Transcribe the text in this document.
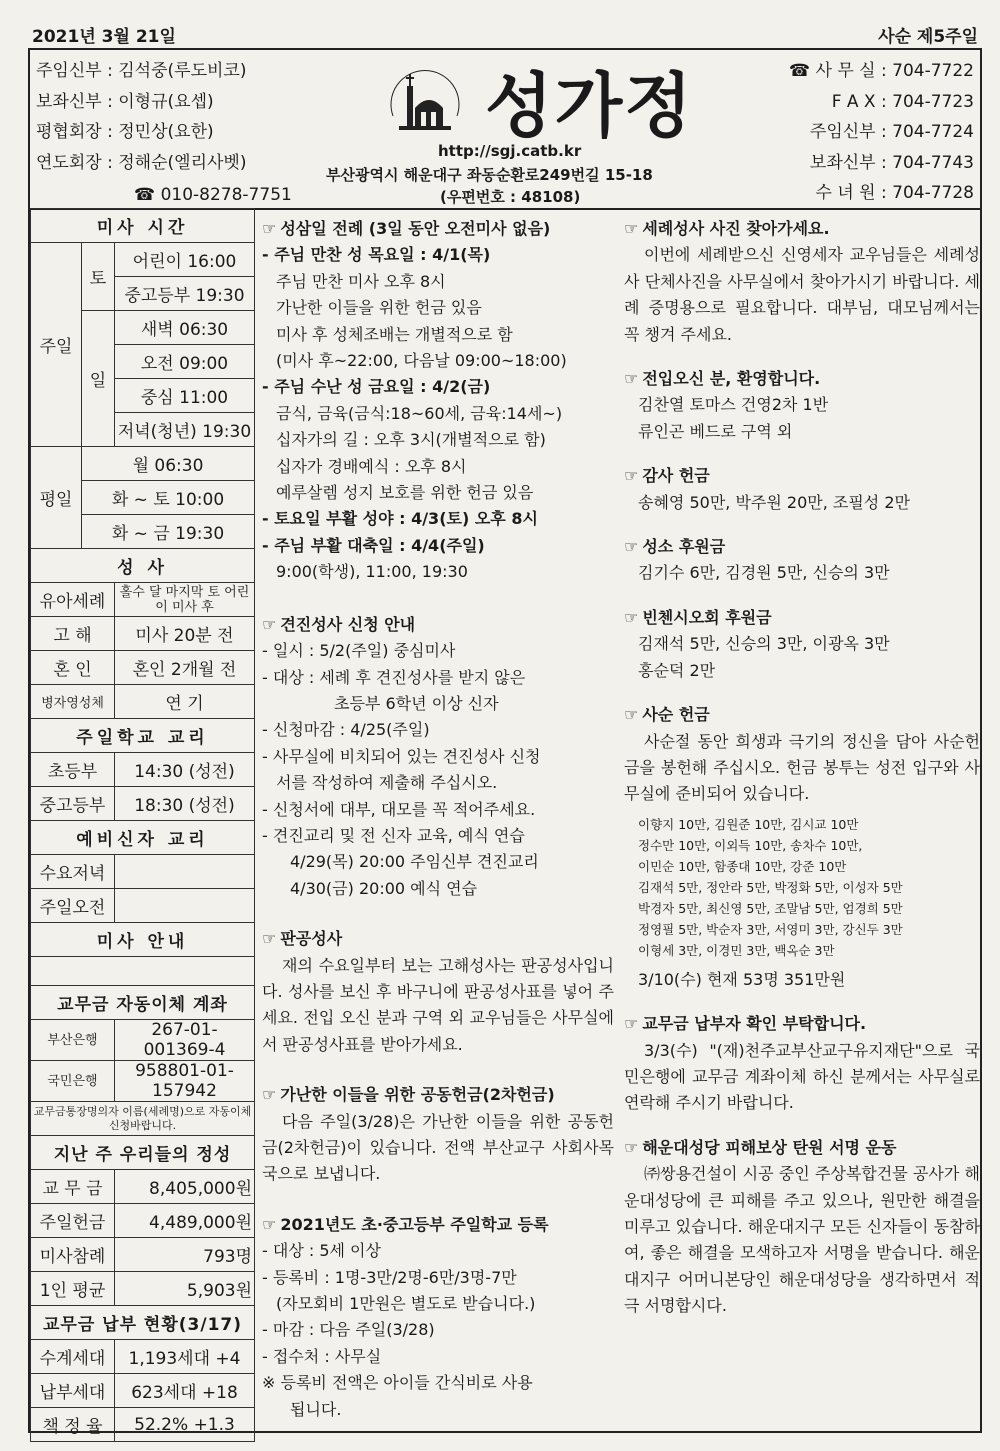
2021년 3월 21일	사순 제5주일
주임신부 : 김석중(루도비코)
보좌신부 : 이형규(요셉)
평협회장 : 정민상(요한)
연도회장 : 정해순(엘리사벳)
☎ 010-8278-7751
성가정
http://sgj.catb.kr
부산광역시 해운대구 좌동순환로249번길 15-18
(우편번호 : 48108)
☎ 사 무 실 : 704-7722
F A X : 704-7723
주임신부 : 704-7724
보좌신부 : 704-7743
수 녀 원 : 704-7728
미사 시간		
주일	토	어린이 16:00
		중고등부 19:30
	일	새벽 06:30
		오전 09:00
		중심 11:00
		저녁(청년) 19:30
평일	월 06:30	
	화 ~ 토 10:00	
	화 ~ 금 19:30	
성 사		
유아세례		홀수 달 마지막 토 어린이 미사 후
고 해		미사 20분 전
혼 인		혼인 2개월 전
병자영성체		연 기
주일학교 교리		
초등부		14:30 (성전)
중고등부		18:30 (성전)
예비신자 교리		
수요저녁		
주일오전		
미사 안내		

교무금 자동이체 계좌		
부산은행		267-01-001369-4
국민은행		958801-01-157942
교무금통장명의자 이름(세례명)으로 자동이체 신청바랍니다.		
지난 주 우리들의 정성		
교 무 금		8,405,000원
주일헌금		4,489,000원
미사참례		793명
1인 평균		5,903원
교무금 납부 현황(3/17)		
수계세대		1,193세대 +4
납부세대		623세대 +18
책 정 율		52.2% +1.3
☞ 성삼일 전례 (3일 동안 오전미사 없음)
- 주님 만찬 성 목요일 : 4/1(목)
주님 만찬 미사 오후 8시
가난한 이들을 위한 헌금 있음
미사 후 성체조배는 개별적으로 함
(미사 후~22:00, 다음날 09:00~18:00)
- 주님 수난 성 금요일 : 4/2(금)
금식, 금육(금식:18~60세, 금육:14세~)
십자가의 길 : 오후 3시(개별적으로 함)
십자가 경배예식 : 오후 8시
예루살렘 성지 보호를 위한 헌금 있음
- 토요일 부활 성야 : 4/3(토) 오후 8시
- 주님 부활 대축일 : 4/4(주일)
9:00(학생), 11:00, 19:30
☞ 견진성사 신청 안내
- 일시 : 5/2(주일) 중심미사
- 대상 : 세례 후 견진성사를 받지 않은
초등부 6학년 이상 신자
- 신청마감 : 4/25(주일)
- 사무실에 비치되어 있는 견진성사 신청
서를 작성하여 제출해 주십시오.
- 신청서에 대부, 대모를 꼭 적어주세요.
- 견진교리 및 전 신자 교육, 예식 연습
4/29(목) 20:00 주임신부 견진교리
4/30(금) 20:00 예식 연습
☞ 판공성사
재의 수요일부터 보는 고해성사는 판공성사입니다. 성사를 보신 후 바구니에 판공성사표를 넣어 주세요. 전입 오신 분과 구역 외 교우님들은 사무실에서 판공성사표를 받아가세요.
☞ 가난한 이들을 위한 공동헌금(2차헌금)
다음 주일(3/28)은 가난한 이들을 위한 공동헌금(2차헌금)이 있습니다. 전액 부산교구 사회사목국으로 보냅니다.
☞ 2021년도 초·중고등부 주일학교 등록
- 대상 : 5세 이상
- 등록비 : 1명-3만/2명-6만/3명-7만
(자모회비 1만원은 별도로 받습니다.)
- 마감 : 다음 주일(3/28)
- 접수처 : 사무실
※ 등록비 전액은 아이들 간식비로 사용
됩니다.
☞ 세례성사 사진 찾아가세요.
이번에 세례받으신 신영세자 교우님들은 세례성사 단체사진을 사무실에서 찾아가시기 바랍니다. 세례 증명용으로 필요합니다. 대부님, 대모님께서는 꼭 챙겨 주세요.
☞ 전입오신 분, 환영합니다.
김찬열 토마스 건영2차 1반
류인곤 베드로 구역 외
☞ 감사 헌금
송혜영 50만, 박주원 20만, 조필성 2만
☞ 성소 후원금
김기수 6만, 김경원 5만, 신승의 3만
☞ 빈첸시오회 후원금
김재석 5만, 신승의 3만, 이광옥 3만
홍순덕 2만
☞ 사순 헌금
사순절 동안 희생과 극기의 정신을 담아 사순헌금을 봉헌해 주십시오. 헌금 봉투는 성전 입구와 사무실에 준비되어 있습니다.
이향지 10만, 김원준 10만, 김시교 10만
정수만 10만, 이외득 10만, 송차수 10만,
이민순 10만, 함종대 10만, 강준 10만
김재석 5만, 정안라 5만, 박정화 5만, 이성자 5만
박경자 5만, 최신영 5만, 조말남 5만, 엄경희 5만
정영필 5만, 박순자 3만, 서영미 3만, 강신두 3만
이형세 3만, 이경민 3만, 백옥순 3만
3/10(수) 현재 53명 351만원
☞ 교무금 납부자 확인 부탁합니다.
3/3(수) "(재)천주교부산교구유지재단"으로 국민은행에 교무금 계좌이체 하신 분께서는 사무실로 연락해 주시기 바랍니다.
☞ 해운대성당 피해보상 탄원 서명 운동
㈜쌍용건설이 시공 중인 주상복합건물 공사가 해운대성당에 큰 피해를 주고 있으나, 원만한 해결을 미루고 있습니다. 해운대지구 모든 신자들이 동참하여, 좋은 해결을 모색하고자 서명을 받습니다. 해운대지구 어머니본당인 해운대성당을 생각하면서 적극 서명합시다.
